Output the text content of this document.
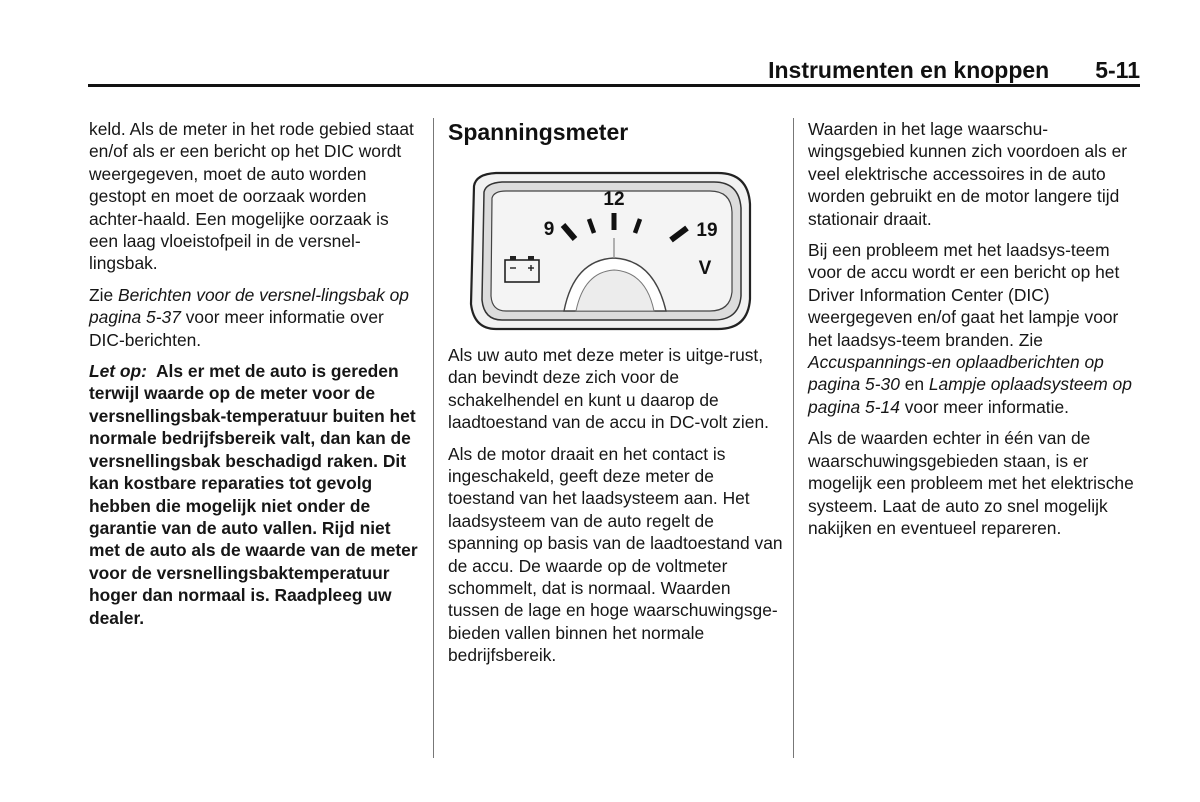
Instrumenten en knoppen 5-11

keld. Als de meter in het rode gebied staat en/of als er een bericht op het DIC wordt weergegeven, moet de auto worden gestopt en moet de oorzaak worden achter-haald. Een mogelijke oorzaak is een laag vloeistofpeil in de versnel-lingsbak.

Zie Berichten voor de versnel-lingsbak op pagina 5-37 voor meer informatie over DIC-berichten.

Let op: Als er met de auto is gereden terwijl waarde op de meter voor de versnellingsbak-temperatuur buiten het normale bedrijfsbereik valt, dan kan de versnellingsbak beschadigd raken. Dit kan kostbare reparaties tot gevolg hebben die mogelijk niet onder de garantie van de auto vallen. Rijd niet met de auto als de waarde van de meter voor de versnellingsbaktemperatuur hoger dan normaal is. Raadpleeg uw dealer.

Spanningsmeter
9
12
19
V

Als uw auto met deze meter is uitge-rust, dan bevindt deze zich voor de schakelhendel en kunt u daarop de laadtoestand van de accu in DC-volt zien.

Als de motor draait en het contact is ingeschakeld, geeft deze meter de toestand van het laadsysteem aan. Het laadsysteem van de auto regelt de spanning op basis van de laadtoestand van de accu. De waarde op de voltmeter schommelt, dat is normaal. Waarden tussen de lage en hoge waarschuwingsge-bieden vallen binnen het normale bedrijfsbereik.

Waarden in het lage waarschu-wingsgebied kunnen zich voordoen als er veel elektrische accessoires in de auto worden gebruikt en de motor langere tijd stationair draait.

Bij een probleem met het laadsys-teem voor de accu wordt er een bericht op het Driver Information Center (DIC) weergegeven en/of gaat het lampje voor het laadsys-teem branden. Zie Accuspannings-en oplaadberichten op pagina 5-30 en Lampje oplaadsysteem op pagina 5-14 voor meer informatie.

Als de waarden echter in één van de waarschuwingsgebieden staan, is er mogelijk een probleem met het elektrische systeem. Laat de auto zo snel mogelijk nakijken en eventueel repareren.
